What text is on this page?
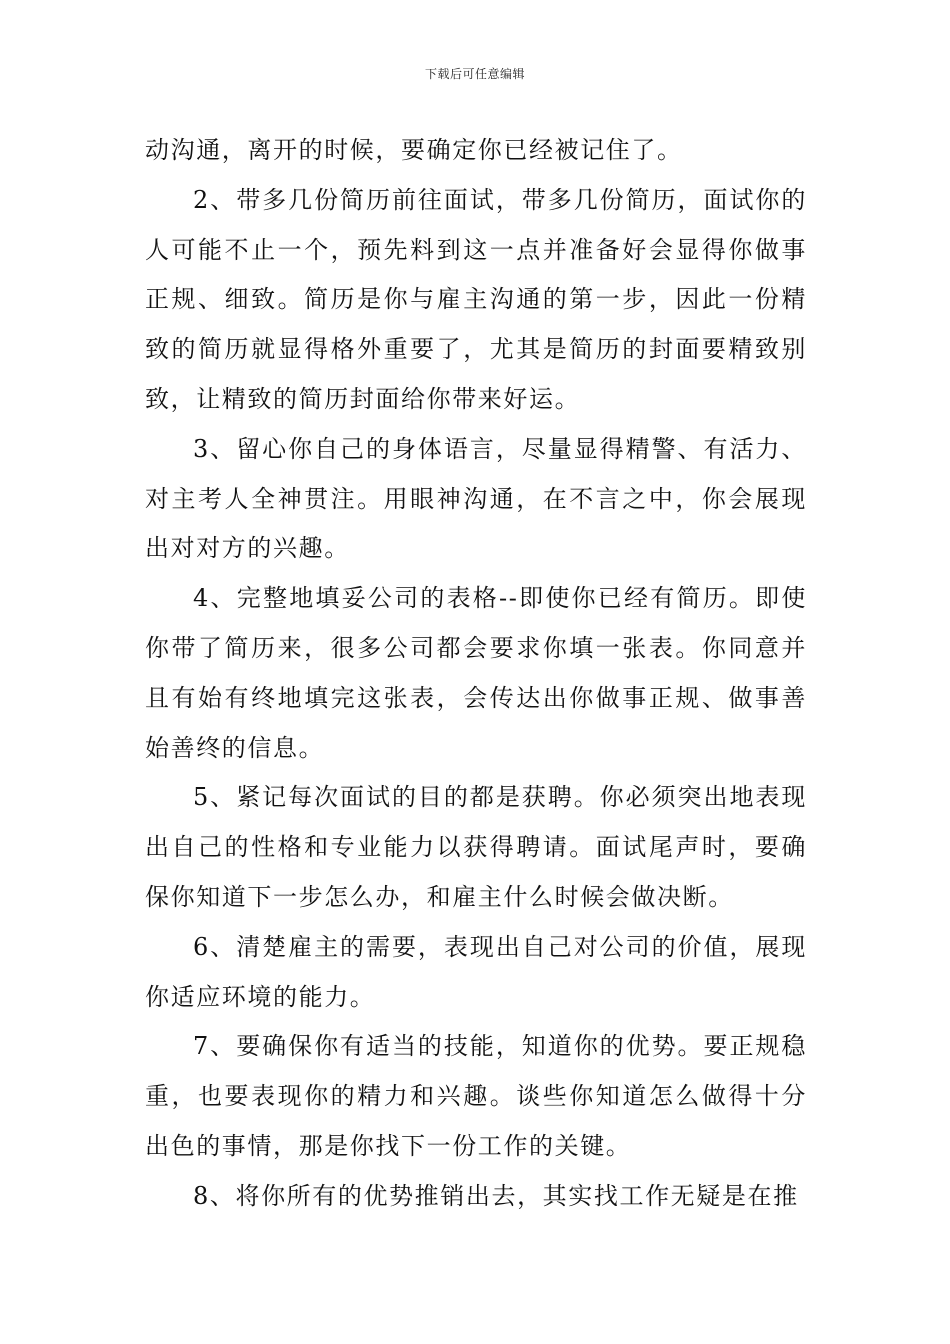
下载后可任意编辑

动沟通，离开的时候，要确定你已经被记住了。

2、带多几份简历前往面试，带多几份简历，面试你的人可能不止一个，预先料到这一点并准备好会显得你做事正规、细致。简历是你与雇主沟通的第一步，因此一份精致的简历就显得格外重要了，尤其是简历的封面要精致别致，让精致的简历封面给你带来好运。

3、留心你自己的身体语言，尽量显得精警、有活力、对主考人全神贯注。用眼神沟通，在不言之中，你会展现出对对方的兴趣。

4、完整地填妥公司的表格--即使你已经有简历。即使你带了简历来，很多公司都会要求你填一张表。你同意并且有始有终地填完这张表，会传达出你做事正规、做事善始善终的信息。

5、紧记每次面试的目的都是获聘。你必须突出地表现出自己的性格和专业能力以获得聘请。面试尾声时，要确保你知道下一步怎么办，和雇主什么时候会做决断。

6、清楚雇主的需要，表现出自己对公司的价值，展现你适应环境的能力。

7、要确保你有适当的技能，知道你的优势。要正规稳重，也要表现你的精力和兴趣。谈些你知道怎么做得十分出色的事情，那是你找下一份工作的关键。

8、将你所有的优势推销出去，其实找工作无疑是在推
